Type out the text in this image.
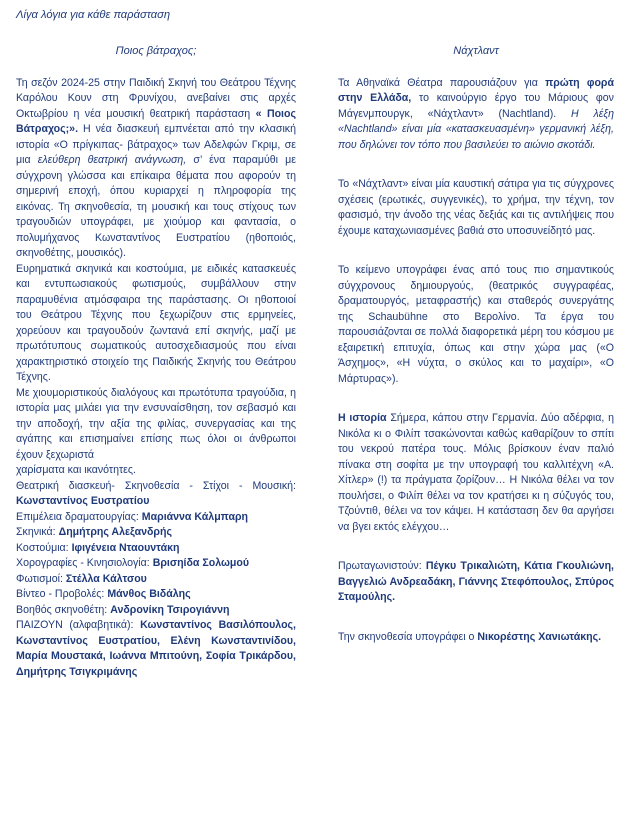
Λίγα λόγια για κάθε παράσταση
Ποιος βάτραχος;

Τη σεζόν 2024-25 στην Παιδική Σκηνή του Θεάτρου Τέχνης Καρόλου Κουν στη Φρυνίχου, ανεβαίνει στις αρχές Οκτωβρίου η νέα μουσική θεατρική παράσταση « Ποιος Βάτραχος;». Η νέα διασκευή εμπνέεται από την κλασική ιστορία «Ο πρίγκιπας- βάτραχος» των Αδελφών Γκριμ, σε μια ελεύθερη θεατρική ανάγνωση, σ’ ένα παραμύθι με σύγχρονη γλώσσα και επίκαιρα θέματα που αφορούν τη σημερινή εποχή, όπου κυριαρχεί η πληροφορία της εικόνας. Τη σκηνοθεσία, τη μουσική και τους στίχους των τραγουδιών υπογράφει, με χιούμορ και φαντασία, ο πολυμήχανος Κωνσταντίνος Ευστρατίου (ηθοποιός, σκηνοθέτης, μουσικός).

Ευρηματικά σκηνικά και κοστούμια, με ειδικές κατασκευές και εντυπωσιακούς φωτισμούς, συμβάλλουν στην παραμυθένια ατμόσφαιρα της παράστασης. Οι ηθοποιοί του Θεάτρου Τέχνης που ξεχωρίζουν στις ερμηνείες, χορεύουν και τραγουδούν ζωντανά επί σκηνής, μαζί με πρωτότυπους σωματικούς αυτοσχεδιασμούς που είναι χαρακτηριστικό στοιχείο της Παιδικής Σκηνής του Θεάτρου Τέχνης.

Με χιουμοριστικούς διαλόγους και πρωτότυπα τραγούδια, η ιστορία μας μιλάει για την ενσυναίσθηση, τον σεβασμό και την αποδοχή, την αξία της φιλίας, συνεργασίας και της αγάπης και επισημαίνει επίσης πως όλοι οι άνθρωποι έχουν ξεχωριστά

χαρίσματα και ικανότητες.

Θεατρική διασκευή- Σκηνοθεσία - Στίχοι - Μουσική: Κωνσταντίνος Ευστρατίου

Επιμέλεια δραματουργίας: Μαριάννα Κάλμπαρη

Σκηνικά: Δημήτρης Αλεξανδρής

Κοστούμια: Ιφιγένεια Νταουντάκη

Χορογραφίες - Κινησιολογία: Βρισηίδα Σολωμού

Φωτισμοί: Στέλλα Κάλτσου

Βίντεο - Προβολές: Μάνθος Βιδάλης

Βοηθός σκηνοθέτη: Ανδρονίκη Τσιρογιάννη

ΠΑΙΖΟΥΝ (αλφαβητικά): Κωνσταντίνος Βασιλόπουλος, Κωνσταντίνος Ευστρατίου, Ελένη Κωνσταντινίδου, Μαρία Μουστακά, Ιωάννα Μπιτούνη, Σοφία Τρικάρδου, Δημήτρης Τσιγκριμάνης

Νάχτλαντ

Τα Αθηναϊκά Θέατρα παρουσιάζουν για πρώτη φορά στην Ελλάδα, το καινούργιο έργο του Μάριους φον Μάγενμπουργκ, «Νάχτλαντ» (Nachtland). Η λέξη «Nachtland» είναι μία «κατασκευασμένη» γερμανική λέξη, που δηλώνει τον τόπο που βασιλεύει το αιώνιο σκοτάδι.

Το «Νάχτλαντ» είναι μία καυστική σάτιρα για τις σύγχρονες σχέσεις (ερωτικές, συγγενικές), το χρήμα, την τέχνη, τον φασισμό, την άνοδο της νέας δεξιάς και τις αντιλήψεις που έχουμε καταχωνιασμένες βαθιά στο υποσυνείδητό μας.

Το κείμενο υπογράφει ένας από τους πιο σημαντικούς σύγχρονους δημιουργούς, (θεατρικός συγγραφέας, δραματουργός, μεταφραστής) και σταθερός συνεργάτης της Schaubühne στο Βερολίνο. Τα έργα του παρουσιάζονται σε πολλά διαφορετικά μέρη του κόσμου με εξαιρετική επιτυχία, όπως και στην χώρα μας («Ο Άσχημος», «Η νύχτα, ο σκύλος και το μαχαίρι», «Ο Μάρτυρας»).

Η ιστορία Σήμερα, κάπου στην Γερμανία. Δύο αδέρφια, η Νικόλα κι ο Φιλίπ τσακώνονται καθώς καθαρίζουν το σπίτι του νεκρού πατέρα τους. Μόλις βρίσκουν έναν παλιό πίνακα στη σοφίτα με την υπογραφή του καλλιτέχνη «Α. Χίτλερ» (!) τα πράγματα ζορίζουν… Η Νικόλα θέλει να τον πουλήσει, ο Φιλίπ θέλει να τον κρατήσει κι η σύζυγός του, Τζούντιθ, θέλει να τον κάψει. Η κατάσταση δεν θα αργήσει να βγει εκτός ελέγχου…

Πρωταγωνιστούν: Πέγκυ Τρικαλιώτη, Κάτια Γκουλιώνη, Βαγγελιώ Ανδρεαδάκη, Γιάννης Στεφόπουλος, Σπύρος Σταμούλης.

Την σκηνοθεσία υπογράφει ο Νικορέστης Χανιωτάκης.
